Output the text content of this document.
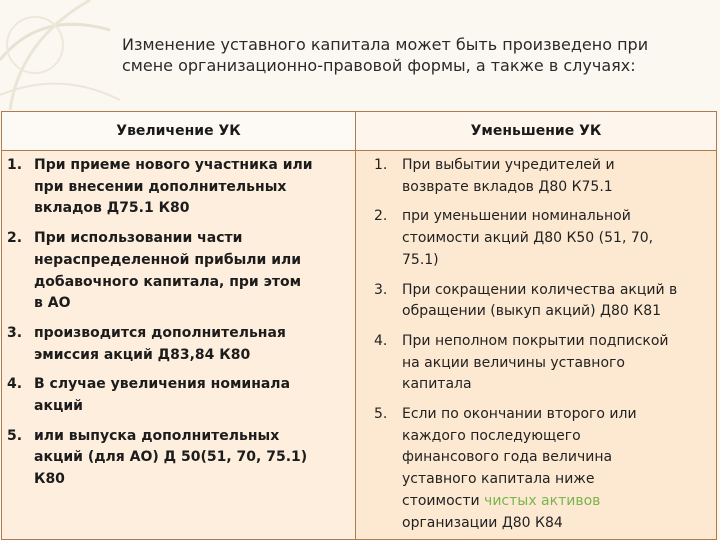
Изменение уставного капитала может быть произведено при
смене организационно-правовой формы, а также в случаях:
Увеличение УК
1. При приеме нового участника или
при внесении дополнительных
вкладов Д75.1 К80
2. При использовании части
нераспределенной прибыли или
добавочного капитала, при этом
в АО
3. производится дополнительная
эмиссия акций Д83,84 К80
4. В случае увеличения номинала
акций
5. или выпуска дополнительных
акций (для АО) Д 50(51, 70, 75.1)
К80
Уменьшение УК
1.	При выбытии учредителей и
возврате вкладов Д80 К75.1
2.	при уменьшении номинальной
стоимости акций Д80 К50 (51, 70,
75.1)
3.	При сокращении количества акций в
обращении (выкуп акций) Д80 К81
4.	При неполном покрытии подпиской
на акции величины уставного
капитала
5.	Если по окончании второго или
каждого последующего
финансового года величина
уставного капитала ниже
стоимости чистых активов
организации Д80 К84
